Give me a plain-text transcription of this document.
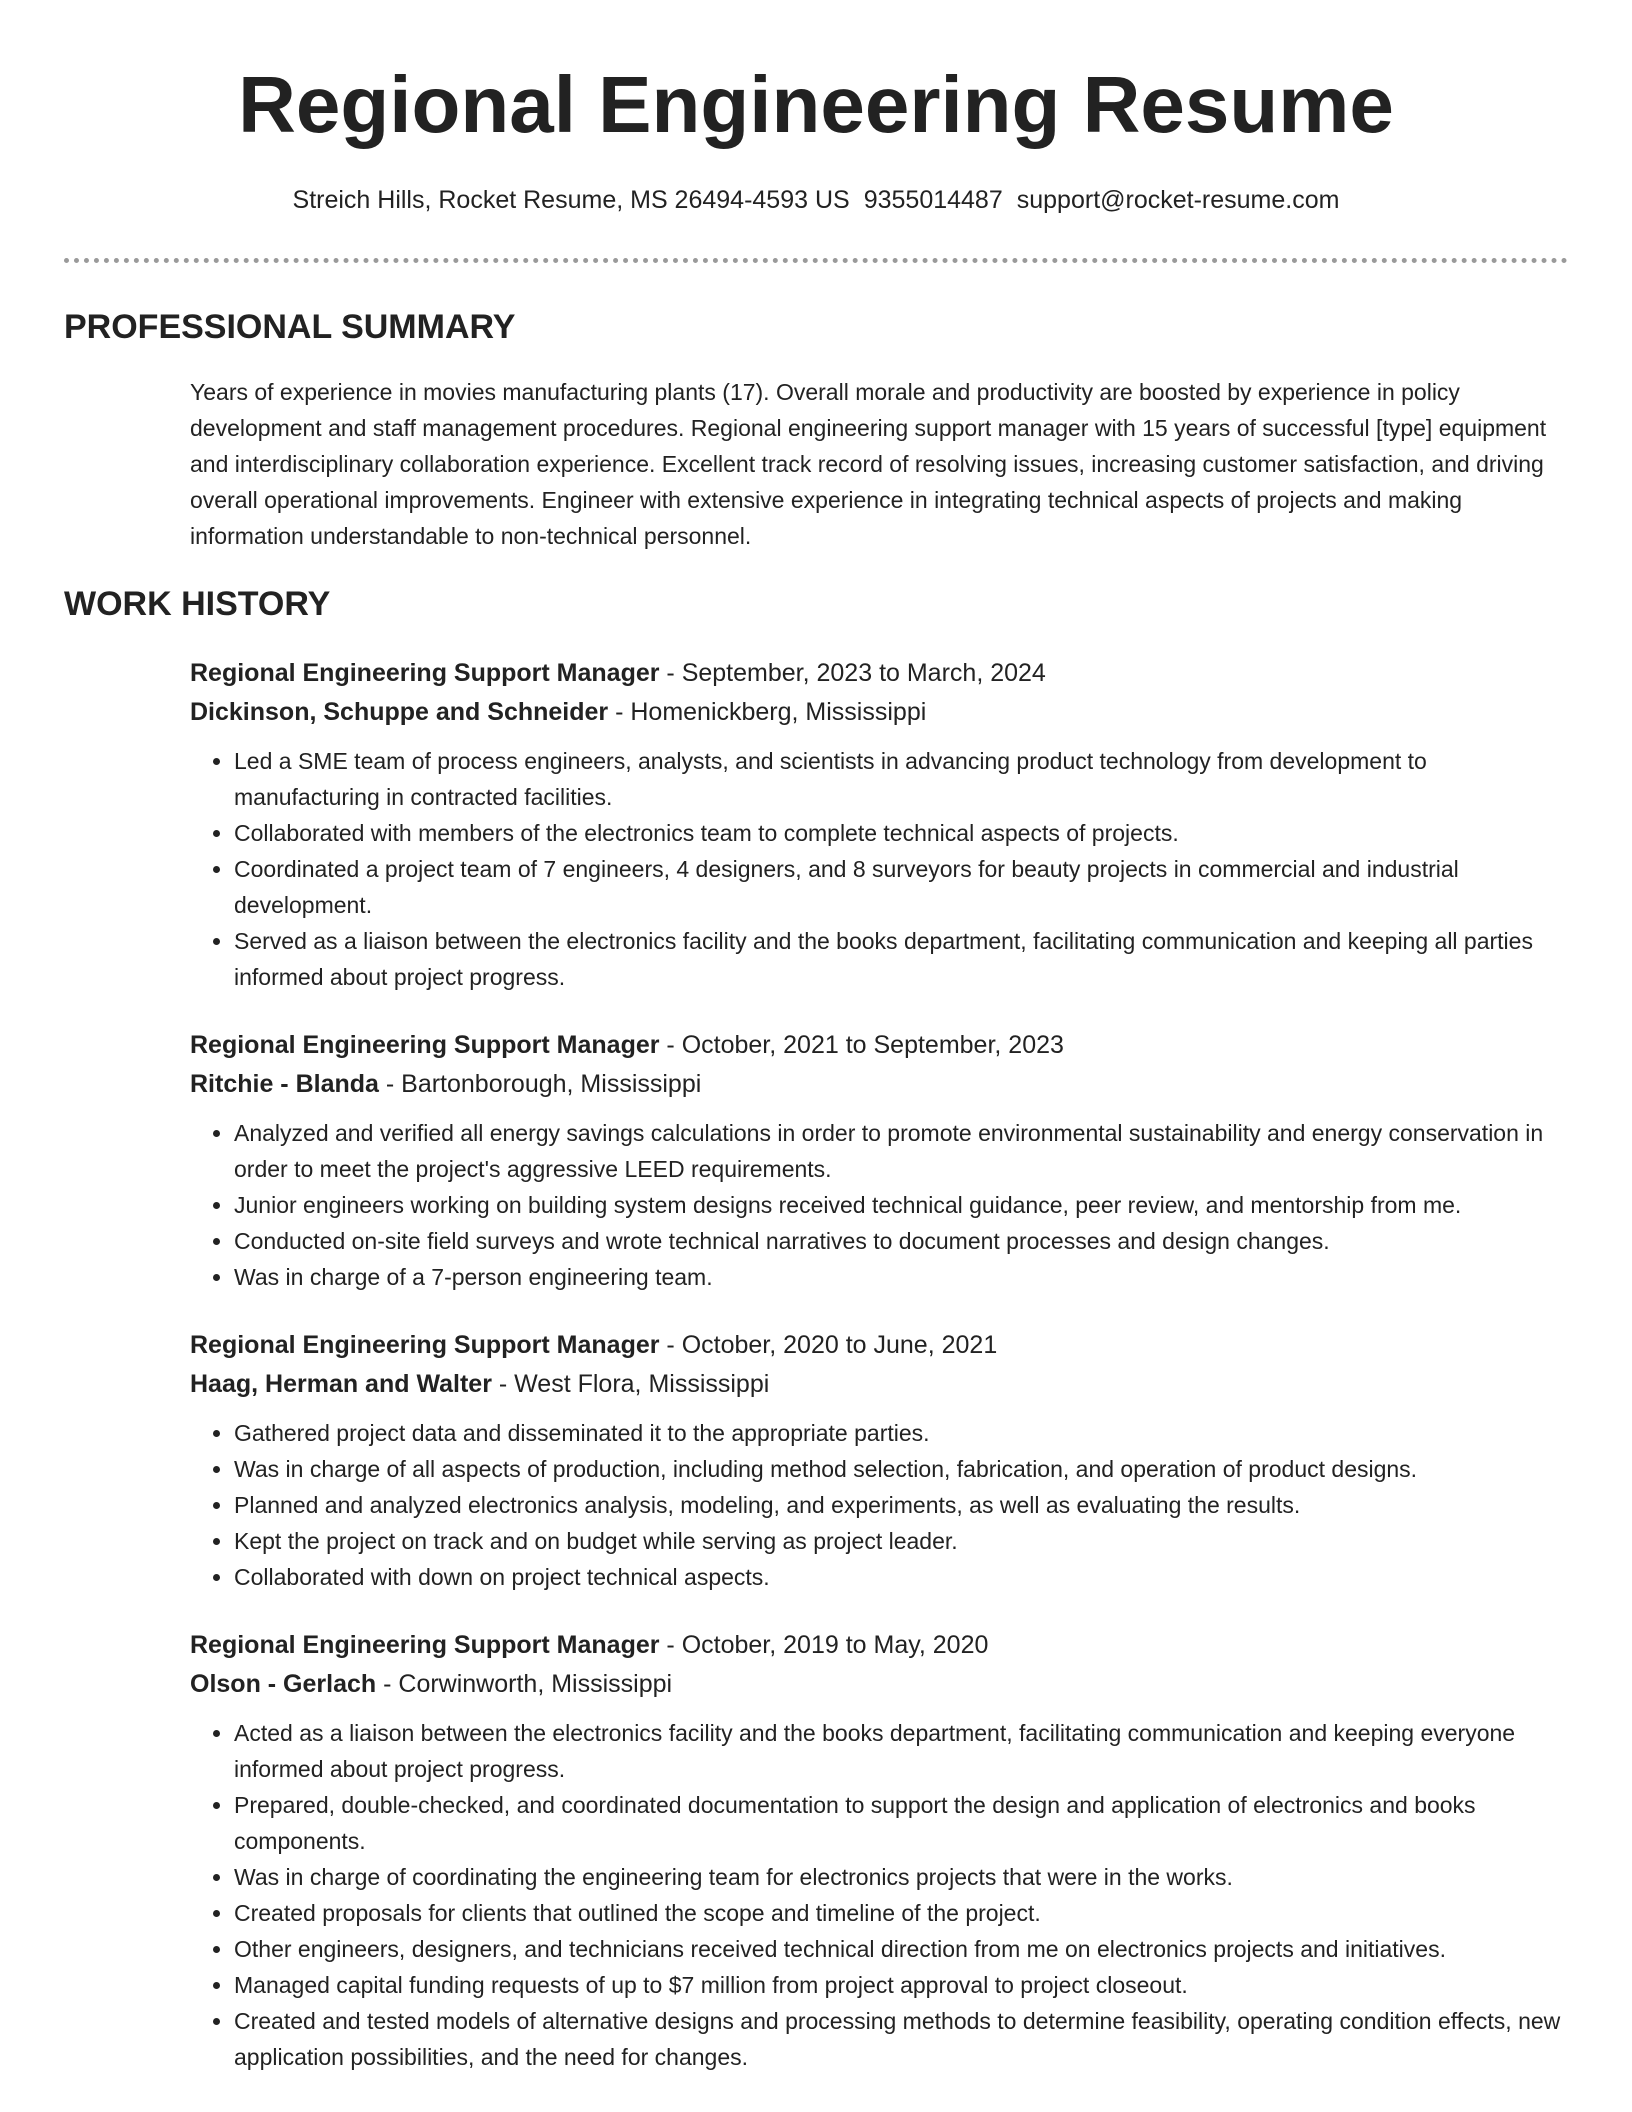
Regional Engineering Resume
Streich Hills, Rocket Resume, MS 26494-4593 US 9355014487 support@rocket-resume.com
PROFESSIONAL SUMMARY

Years of experience in movies manufacturing plants (17). Overall morale and productivity are boosted by experience in policy development and staff management procedures. Regional engineering support manager with 15 years of successful [type] equipment and interdisciplinary collaboration experience. Excellent track record of resolving issues, increasing customer satisfaction, and driving overall operational improvements. Engineer with extensive experience in integrating technical aspects of projects and making information understandable to non-technical personnel.

WORK HISTORY
Regional Engineering Support Manager - September, 2023 to March, 2024
Dickinson, Schuppe and Schneider - Homenickberg, Mississippi
• Led a SME team of process engineers, analysts, and scientists in advancing product technology from development to manufacturing in contracted facilities.
• Collaborated with members of the electronics team to complete technical aspects of projects.
• Coordinated a project team of 7 engineers, 4 designers, and 8 surveyors for beauty projects in commercial and industrial development.
• Served as a liaison between the electronics facility and the books department, facilitating communication and keeping all parties informed about project progress.
Regional Engineering Support Manager - October, 2021 to September, 2023
Ritchie - Blanda - Bartonborough, Mississippi
• Analyzed and verified all energy savings calculations in order to promote environmental sustainability and energy conservation in order to meet the project's aggressive LEED requirements.
• Junior engineers working on building system designs received technical guidance, peer review, and mentorship from me.
• Conducted on-site field surveys and wrote technical narratives to document processes and design changes.
• Was in charge of a 7-person engineering team.
Regional Engineering Support Manager - October, 2020 to June, 2021
Haag, Herman and Walter - West Flora, Mississippi
• Gathered project data and disseminated it to the appropriate parties.
• Was in charge of all aspects of production, including method selection, fabrication, and operation of product designs.
• Planned and analyzed electronics analysis, modeling, and experiments, as well as evaluating the results.
• Kept the project on track and on budget while serving as project leader.
• Collaborated with down on project technical aspects.
Regional Engineering Support Manager - October, 2019 to May, 2020
Olson - Gerlach - Corwinworth, Mississippi
• Acted as a liaison between the electronics facility and the books department, facilitating communication and keeping everyone informed about project progress.
• Prepared, double-checked, and coordinated documentation to support the design and application of electronics and books components.
• Was in charge of coordinating the engineering team for electronics projects that were in the works.
• Created proposals for clients that outlined the scope and timeline of the project.
• Other engineers, designers, and technicians received technical direction from me on electronics projects and initiatives.
• Managed capital funding requests of up to $7 million from project approval to project closeout.
• Created and tested models of alternative designs and processing methods to determine feasibility, operating condition effects, new application possibilities, and the need for changes.
